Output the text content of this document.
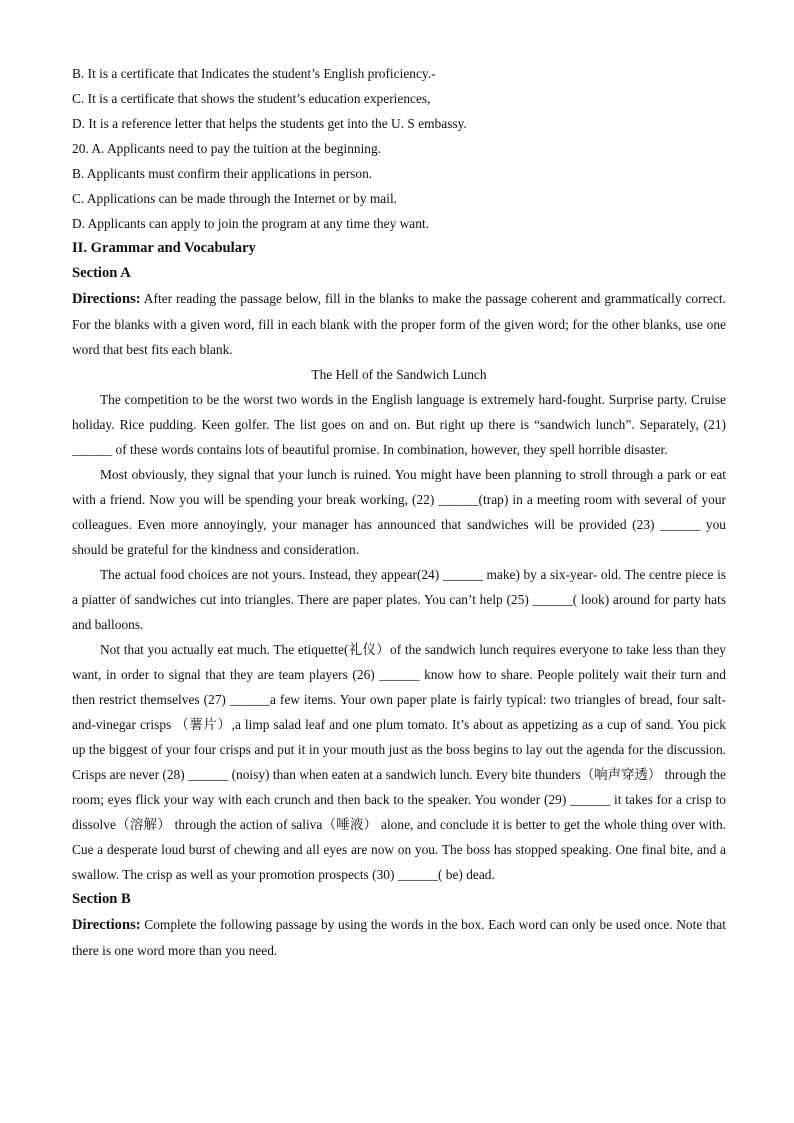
B. It is a certificate that Indicates the student’s English proficiency.-
C. It is a certificate that shows the student’s education experiences,
D. It is a reference letter that helps the students get into the U. S embassy.
20. A. Applicants need to pay the tuition at the beginning.
B. Applicants must confirm their applications in person.
C. Applications can be made through the Internet or by mail.
D. Applicants can apply to join the program at any time they want.
II. Grammar and Vocabulary
Section A
Directions: After reading the passage below, fill in the blanks to make the passage coherent and grammatically correct. For the blanks with a given word, fill in each blank with the proper form of the given word; for the other blanks, use one word that best fits each blank.
The Hell of the Sandwich Lunch
The competition to be the worst two words in the English language is extremely hard-fought. Surprise party. Cruise holiday. Rice pudding. Keen golfer. The list goes on and on. But right up there is “sandwich lunch”. Separately, (21) ______ of these words contains lots of beautiful promise. In combination, however, they spell horrible disaster.
Most obviously, they signal that your lunch is ruined. You might have been planning to stroll through a park or eat with a friend. Now you will be spending your break working, (22) ______(trap) in a meeting room with several of your colleagues. Even more annoyingly, your manager has announced that sandwiches will be provided (23) ______ you should be grateful for the kindness and consideration.
The actual food choices are not yours. Instead, they appear(24) ______ make) by a six-year- old. The centre piece is a piatter of sandwiches cut into triangles. There are paper plates. You can’t help (25) ______( look) around for party hats and balloons.
Not that you actually eat much. The etiquette(礼仪）of the sandwich lunch requires everyone to take less than they want, in order to signal that they are team players (26) ______ know how to share. People politely wait their turn and then restrict themselves (27) ______a few items. Your own paper plate is fairly typical: two triangles of bread, four salt-and-vinegar crisps （薯片）,a limp salad leaf and one plum tomato. It’s about as appetizing as a cup of sand. You pick up the biggest of your four crisps and put it in your mouth just as the boss begins to lay out the agenda for the discussion. Crisps are never (28) ______ (noisy) than when eaten at a sandwich lunch. Every bite thunders（响声穿透） through the room; eyes flick your way with each crunch and then back to the speaker. You wonder (29) ______ it takes for a crisp to dissolve（溶解） through the action of saliva（唾液） alone, and conclude it is better to get the whole thing over with. Cue a desperate loud burst of chewing and all eyes are now on you. The boss has stopped speaking. One final bite, and a swallow. The crisp as well as your promotion prospects (30) ______( be) dead.
Section B
Directions: Complete the following passage by using the words in the box. Each word can only be used once. Note that there is one word more than you need.
